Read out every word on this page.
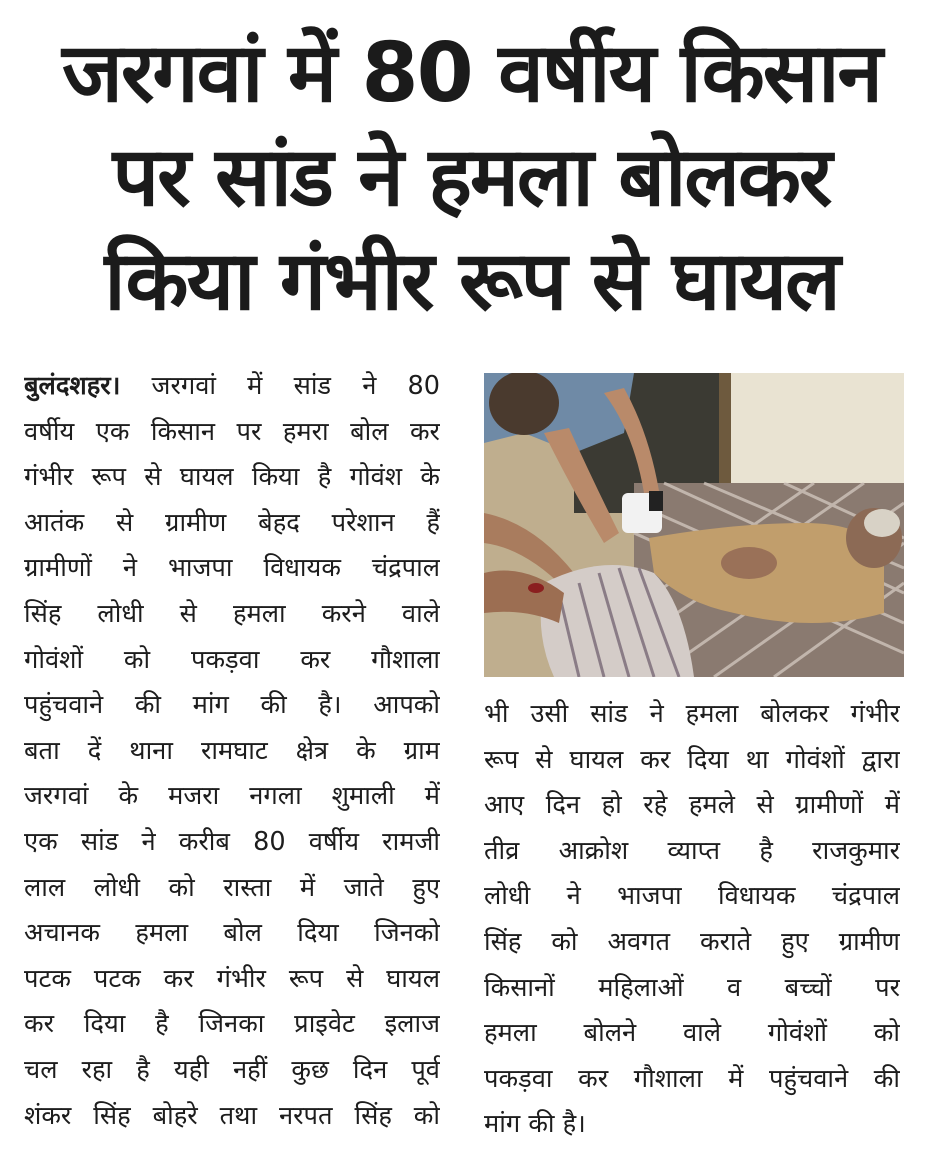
जरगवां में 80 वर्षीय किसान
पर सांड ने हमला बोलकर
किया गंभीर रूप से घायल
बुलंदशहर। जरगवां में सांड ने 80
वर्षीय एक किसान पर हमरा बोल कर
गंभीर रूप से घायल किया है गोवंश के
आतंक से ग्रामीण बेहद परेशान हैं
ग्रामीणों ने भाजपा विधायक चंद्रपाल
सिंह लोधी से हमला करने वाले
गोवंशों को पकड़वा कर गौशाला
पहुंचवाने की मांग की है। आपको
बता दें थाना रामघाट क्षेत्र के ग्राम
जरगवां के मजरा नगला शुमाली में
एक सांड ने करीब 80 वर्षीय रामजी
लाल लोधी को रास्ता में जाते हुए
अचानक हमला बोल दिया जिनको
पटक पटक कर गंभीर रूप से घायल
कर दिया है जिनका प्राइवेट इलाज
चल रहा है यही नहीं कुछ दिन पूर्व
शंकर सिंह बोहरे तथा नरपत सिंह को
भी उसी सांड ने हमला बोलकर गंभीर
रूप से घायल कर दिया था गोवंशों द्वारा
आए दिन हो रहे हमले से ग्रामीणों में
तीव्र आक्रोश व्याप्त है राजकुमार
लोधी ने भाजपा विधायक चंद्रपाल
सिंह को अवगत कराते हुए ग्रामीण
किसानों महिलाओं व बच्चों पर
हमला बोलने वाले गोवंशों को
पकड़वा कर गौशाला में पहुंचवाने की
मांग की है।
